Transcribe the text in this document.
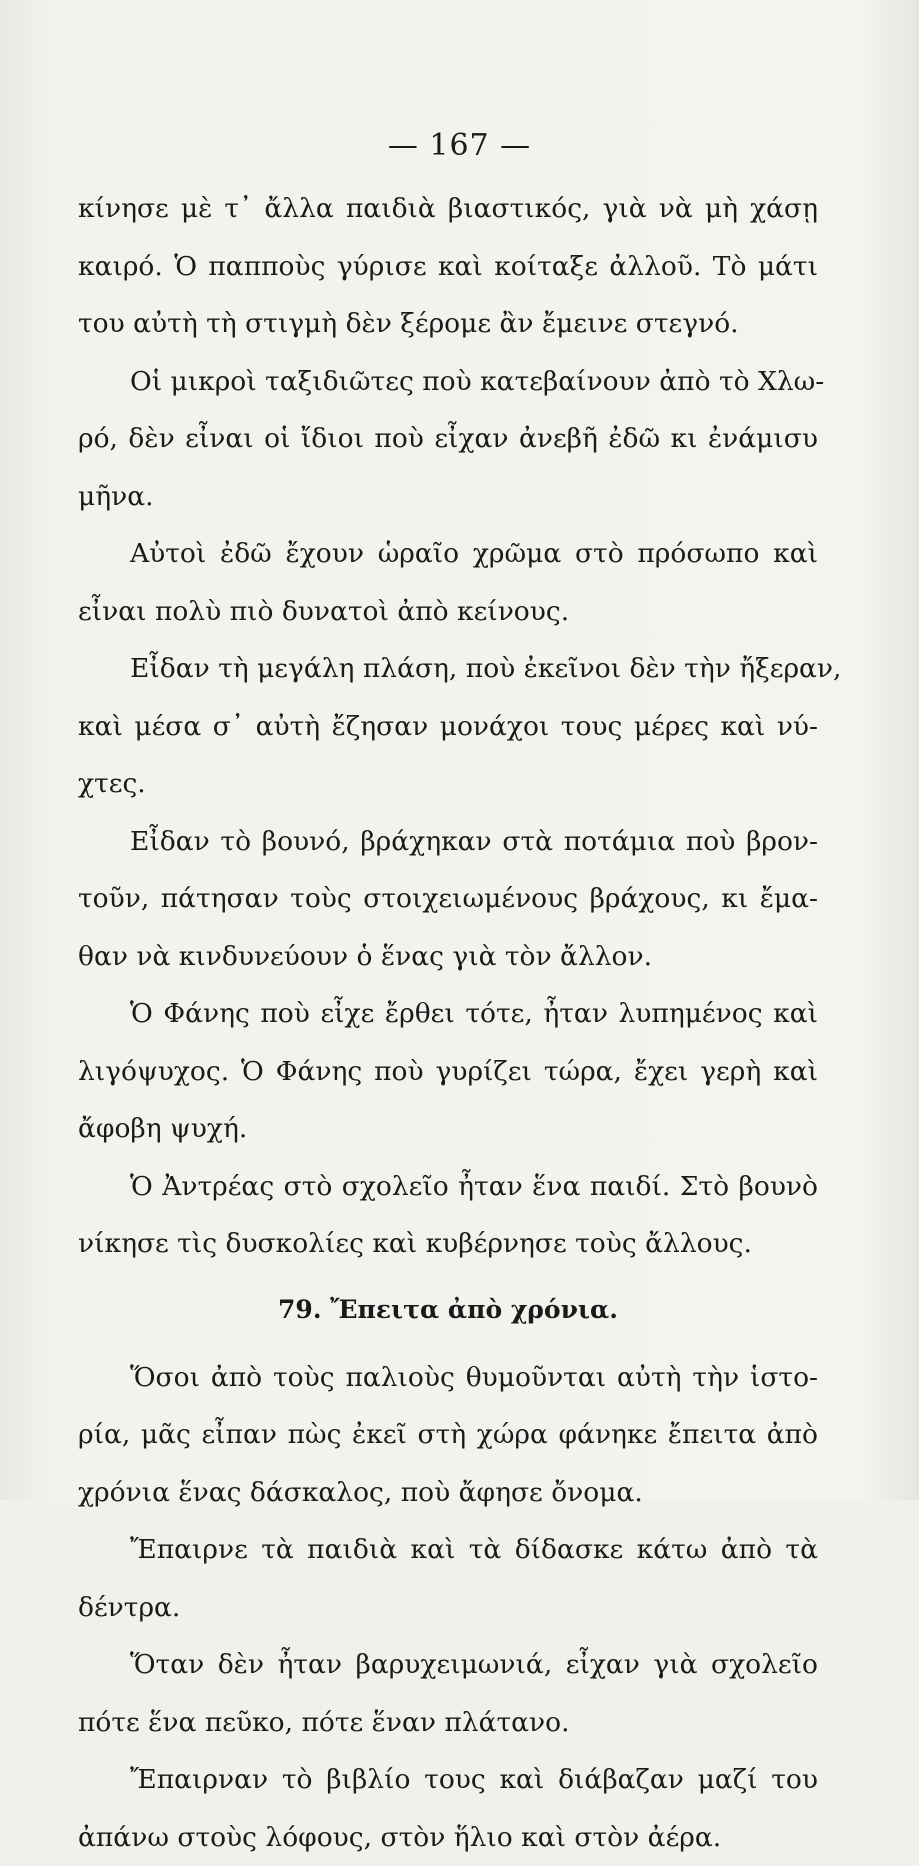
— 167 —
κίνησε μὲ τ᾽ ἄλλα παιδιὰ βιαστικός, γιὰ νὰ μὴ χάσῃ
καιρό. Ὁ παπποὺς γύρισε καὶ κοίταξε ἀλλοῦ. Τὸ μάτι
του αὐτὴ τὴ στιγμὴ δὲν ξέρομε ἂν ἔμεινε στεγνό.
Οἱ μικροὶ ταξιδιῶτες ποὺ κατεβαίνουν ἀπὸ τὸ Χλω-
ρό, δὲν εἶναι οἱ ἴδιοι ποὺ εἶχαν ἀνεβῆ ἐδῶ κι ἐνάμισυ
μῆνα.
Αὐτοὶ ἐδῶ ἔχουν ὡραῖο χρῶμα στὸ πρόσωπο καὶ
εἶναι πολὺ πιὸ δυνατοὶ ἀπὸ κείνους.
Εἶδαν τὴ μεγάλη πλάση, ποὺ ἐκεῖνοι δὲν τὴν ἤξεραν,
καὶ μέσα σ᾽ αὐτὴ ἔζησαν μονάχοι τους μέρες καὶ νύ-
χτες.
Εἶδαν τὸ βουνό, βράχηκαν στὰ ποτάμια ποὺ βρον-
τοῦν, πάτησαν τοὺς στοιχειωμένους βράχους, κι ἔμα-
θαν νὰ κινδυνεύουν ὁ ἕνας γιὰ τὸν ἄλλον.
Ὁ Φάνης ποὺ εἶχε ἔρθει τότε, ἦταν λυπημένος καὶ
λιγόψυχος. Ὁ Φάνης ποὺ γυρίζει τώρα, ἔχει γερὴ καὶ
ἄφοβη ψυχή.
Ὁ Ἀντρέας στὸ σχολεῖο ἦταν ἕνα παιδί. Στὸ βουνὸ
νίκησε τὶς δυσκολίες καὶ κυβέρνησε τοὺς ἄλλους.
79. Ἔπειτα ἀπὸ χρόνια.
Ὅσοι ἀπὸ τοὺς παλιοὺς θυμοῦνται αὐτὴ τὴν ἱστο-
ρία, μᾶς εἶπαν πὼς ἐκεῖ στὴ χώρα φάνηκε ἔπειτα ἀπὸ
χρόνια ἕνας δάσκαλος, ποὺ ἄφησε ὄνομα.
Ἔπαιρνε τὰ παιδιὰ καὶ τὰ δίδασκε κάτω ἀπὸ τὰ
δέντρα.
Ὅταν δὲν ἦταν βαρυχειμωνιά, εἶχαν γιὰ σχολεῖο
πότε ἕνα πεῦκο, πότε ἕναν πλάτανο.
Ἔπαιρναν τὸ βιβλίο τους καὶ διάβαζαν μαζί του
ἀπάνω στοὺς λόφους, στὸν ἥλιο καὶ στὸν ἀέρα.
